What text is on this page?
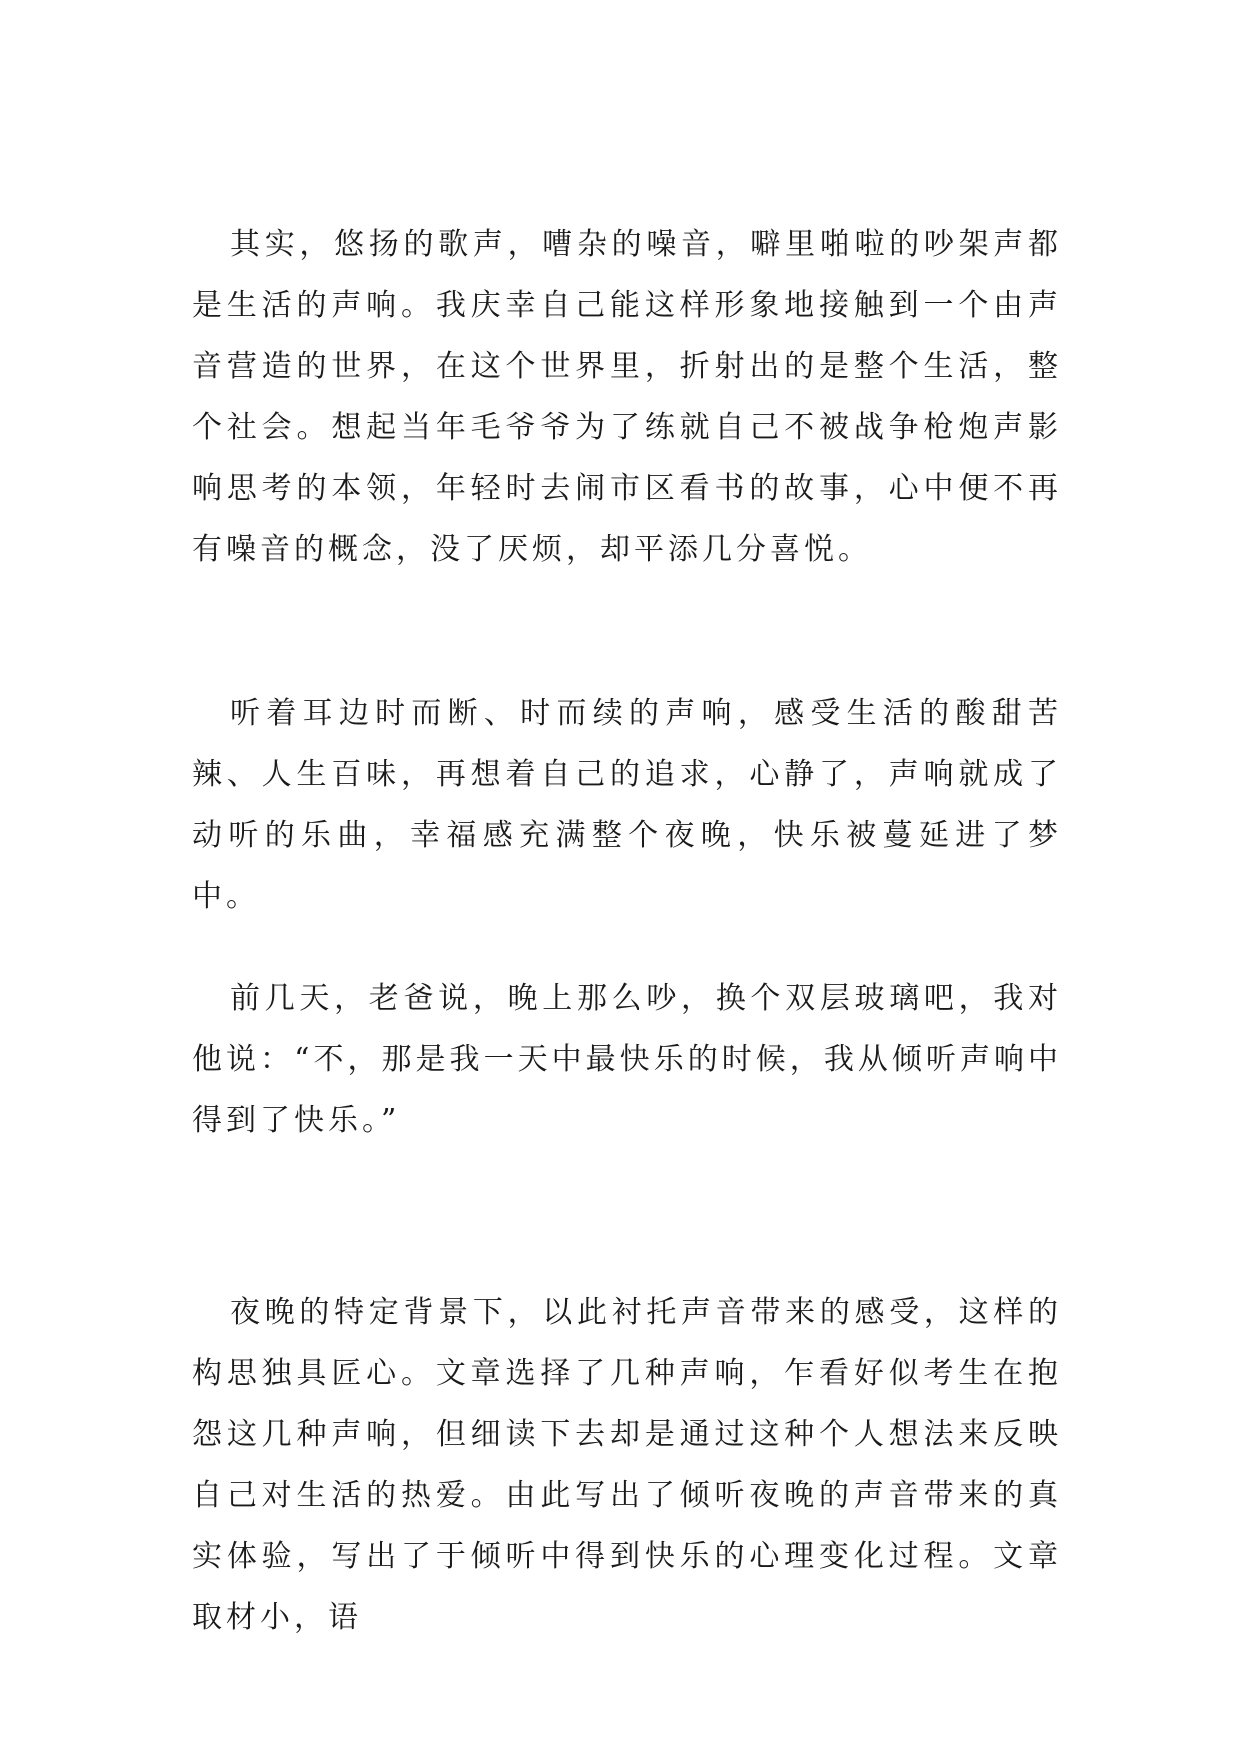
其实，悠扬的歌声，嘈杂的噪音，噼里啪啦的吵架声都是生活的声响。我庆幸自己能这样形象地接触到一个由声音营造的世界，在这个世界里，折射出的是整个生活，整个社会。想起当年毛爷爷为了练就自己不被战争枪炮声影响思考的本领，年轻时去闹市区看书的故事，心中便不再有噪音的概念，没了厌烦，却平添几分喜悦。

听着耳边时而断、时而续的声响，感受生活的酸甜苦辣、人生百味，再想着自己的追求，心静了，声响就成了动听的乐曲，幸福感充满整个夜晚，快乐被蔓延进了梦中。

前几天，老爸说，晚上那么吵，换个双层玻璃吧，我对他说：“不，那是我一天中最快乐的时候，我从倾听声响中得到了快乐。”

夜晚的特定背景下，以此衬托声音带来的感受，这样的构思独具匠心。文章选择了几种声响，乍看好似考生在抱怨这几种声响，但细读下去却是通过这种个人想法来反映自己对生活的热爱。由此写出了倾听夜晚的声音带来的真实体验，写出了于倾听中得到快乐的心理变化过程。文章取材小，语
